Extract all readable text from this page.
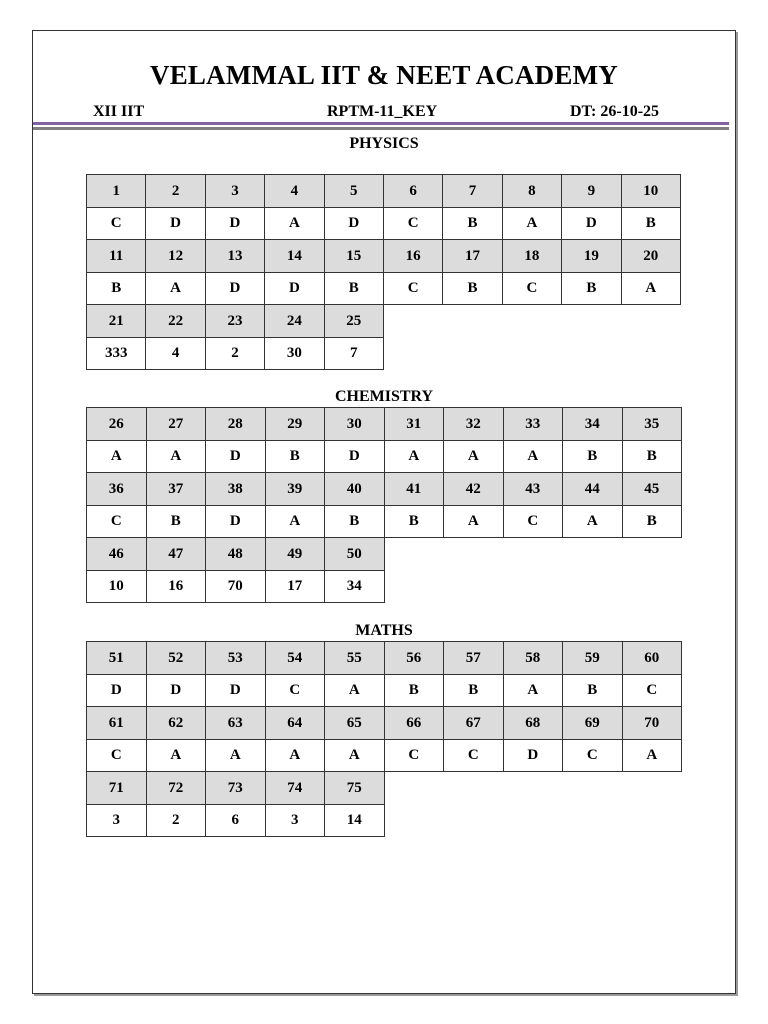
VELAMMAL IIT & NEET ACADEMY
XII IIT	RPTM-11_KEY	DT: 26-10-25
PHYSICS
1	2	3	4	5	6	7	8	9	10
C	D	D	A	D	C	B	A	D	B
11	12	13	14	15	16	17	18	19	20
B	A	D	D	B	C	B	C	B	A
21	22	23	24	25					
333	4	2	30	7					
CHEMISTRY
26	27	28	29	30	31	32	33	34	35
A	A	D	B	D	A	A	A	B	B
36	37	38	39	40	41	42	43	44	45
C	B	D	A	B	B	A	C	A	B
46	47	48	49	50					
10	16	70	17	34					
MATHS
51	52	53	54	55	56	57	58	59	60
D	D	D	C	A	B	B	A	B	C
61	62	63	64	65	66	67	68	69	70
C	A	A	A	A	C	C	D	C	A
71	72	73	74	75					
3	2	6	3	14					
